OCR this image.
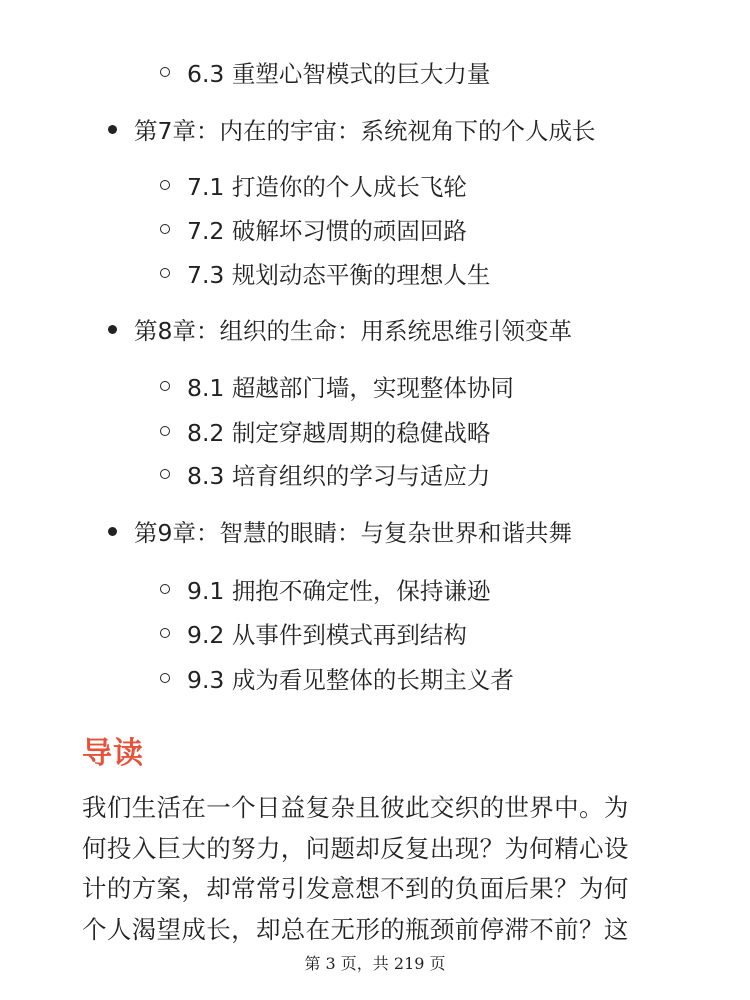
6.3 重塑心智模式的巨大力量
第7章：内在的宇宙：系统视角下的个人成长
7.1 打造你的个人成长飞轮
7.2 破解坏习惯的顽固回路
7.3 规划动态平衡的理想人生
第8章：组织的生命：用系统思维引领变革
8.1 超越部门墙，实现整体协同
8.2 制定穿越周期的稳健战略
8.3 培育组织的学习与适应力
第9章：智慧的眼睛：与复杂世界和谐共舞
9.1 拥抱不确定性，保持谦逊
9.2 从事件到模式再到结构
9.3 成为看见整体的长期主义者
导读
我们生活在一个日益复杂且彼此交织的世界中。为
何投入巨大的努力，问题却反复出现？为何精心设
计的方案，却常常引发意想不到的负面后果？为何
个人渴望成长，却总在无形的瓶颈前停滞不前？这
第 3 页，共 219 页
